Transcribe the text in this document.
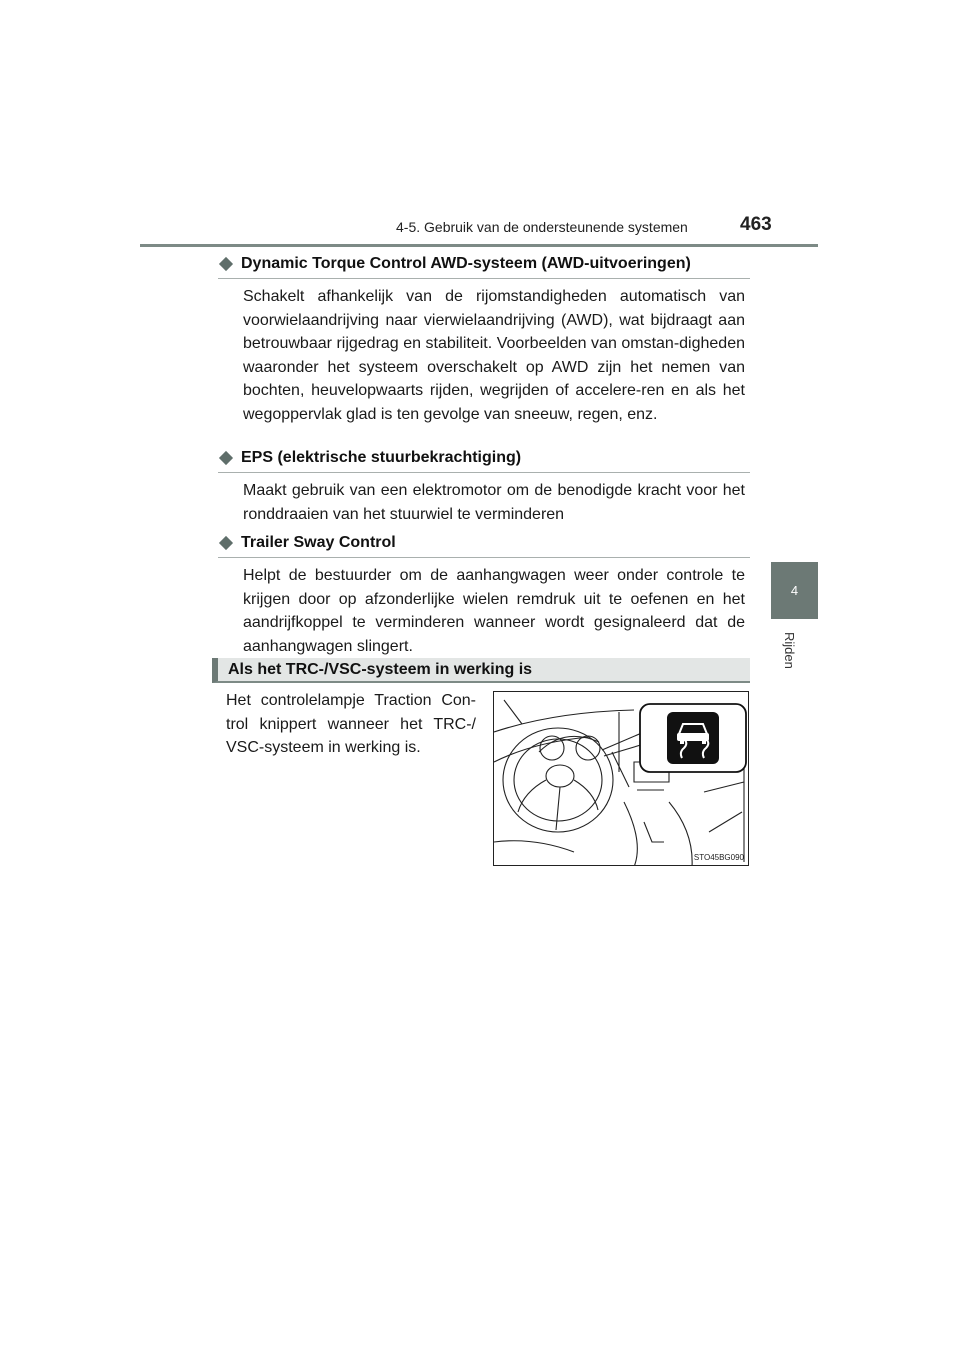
4-5. Gebruik van de ondersteunende systemen	463
4
Rijden
Dynamic Torque Control AWD-systeem (AWD-uitvoeringen)
Schakelt afhankelijk van de rijomstandigheden automatisch van voorwielaandrijving naar vierwielaandrijving (AWD), wat bijdraagt aan betrouwbaar rijgedrag en stabiliteit. Voorbeelden van omstan-digheden waaronder het systeem overschakelt op AWD zijn het nemen van bochten, heuvelopwaarts rijden, wegrijden of accelere-ren en als het wegoppervlak glad is ten gevolge van sneeuw, regen, enz.
EPS (elektrische stuurbekrachtiging)
Maakt gebruik van een elektromotor om de benodigde kracht voor het ronddraaien van het stuurwiel te verminderen
Trailer Sway Control
Helpt de bestuurder om de aanhangwagen weer onder controle te krijgen door op afzonderlijke wielen remdruk uit te oefenen en het aandrijfkoppel te verminderen wanneer wordt gesignaleerd dat de aanhangwagen slingert.
Als het TRC-/VSC-systeem in werking is
Het controlelampje Traction Con-trol knippert wanneer het TRC-/ VSC-systeem in werking is.
STO45BG090
